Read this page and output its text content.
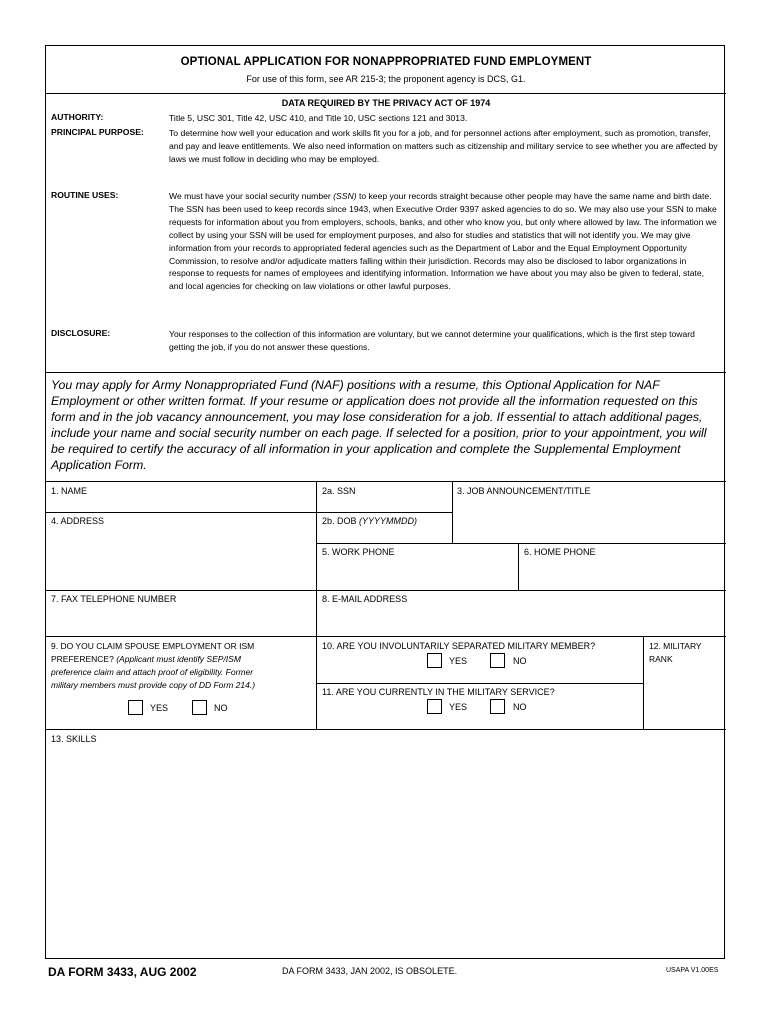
OPTIONAL APPLICATION FOR NONAPPROPRIATED FUND EMPLOYMENT
For use of this form, see AR 215-3; the proponent agency is DCS, G1.
DATA REQUIRED BY THE PRIVACY ACT OF 1974
AUTHORITY:	Title 5, USC 301, Title 42, USC 410, and Title 10, USC sections 121 and 3013.
PRINCIPAL PURPOSE:	To determine how well your education and work skills fit you for a job, and for personnel actions after employment, such as promotion, transfer, and pay and leave entitlements. We also need information on matters such as citizenship and military service to see whether you are affected by laws we must follow in deciding who may be employed.
ROUTINE USES:	We must have your social security number (SSN) to keep your records straight because other people may have the same name and birth date. The SSN has been used to keep records since 1943, when Executive Order 9397 asked agencies to do so. We may also use your SSN to make requests for information about you from employers, schools, banks, and other who know you, but only where allowed by law. The information we collect by using your SSN will be used for employment purposes, and also for studies and statistics that will not identify you. We may give information from your records to appropriated federal agencies such as the Department of Labor and the Equal Employment Opportunity Commission, to resolve and/or adjudicate matters falling within their jurisdiction. Records may also be disclosed to labor organizations in response to requests for names of employees and identifying information. Information we have about you may also be given to federal, state, and local agencies for checking on law violations or other lawful purposes.
DISCLOSURE:	Your responses to the collection of this information are voluntary, but we cannot determine your qualifications, which is the first step toward getting the job, if you do not answer these questions.
You may apply for Army Nonappropriated Fund (NAF) positions with a resume, this Optional Application for NAF Employment or other written format. If your resume or application does not provide all the information requested on this form and in the job vacancy announcement, you may lose consideration for a job. If essential to attach additional pages, include your name and social security number on each page. If selected for a position, prior to your appointment, you will be required to certify the accuracy of all information in your application and complete the Supplemental Employment Application Form.
1. NAME	2a. SSN	3. JOB ANNOUNCEMENT/TITLE
4. ADDRESS	2b. DOB (YYYYMMDD)
5. WORK PHONE	6. HOME PHONE
7. FAX TELEPHONE NUMBER	8. E-MAIL ADDRESS
9. DO YOU CLAIM SPOUSE EMPLOYMENT OR ISM
PREFERENCE? (Applicant must identify SEP/ISM
preference claim and attach proof of eligibility. Former
military members must provide copy of DD Form 214.)
YES	NO
10. ARE YOU INVOLUNTARILY SEPARATED MILITARY MEMBER?
YES	NO
11. ARE YOU CURRENTLY IN THE MILITARY SERVICE?
YES	NO
12. MILITARY
RANK
13. SKILLS
DA FORM 3433, AUG 2002	DA FORM 3433, JAN 2002, IS OBSOLETE.	USAPA V1.00ES
